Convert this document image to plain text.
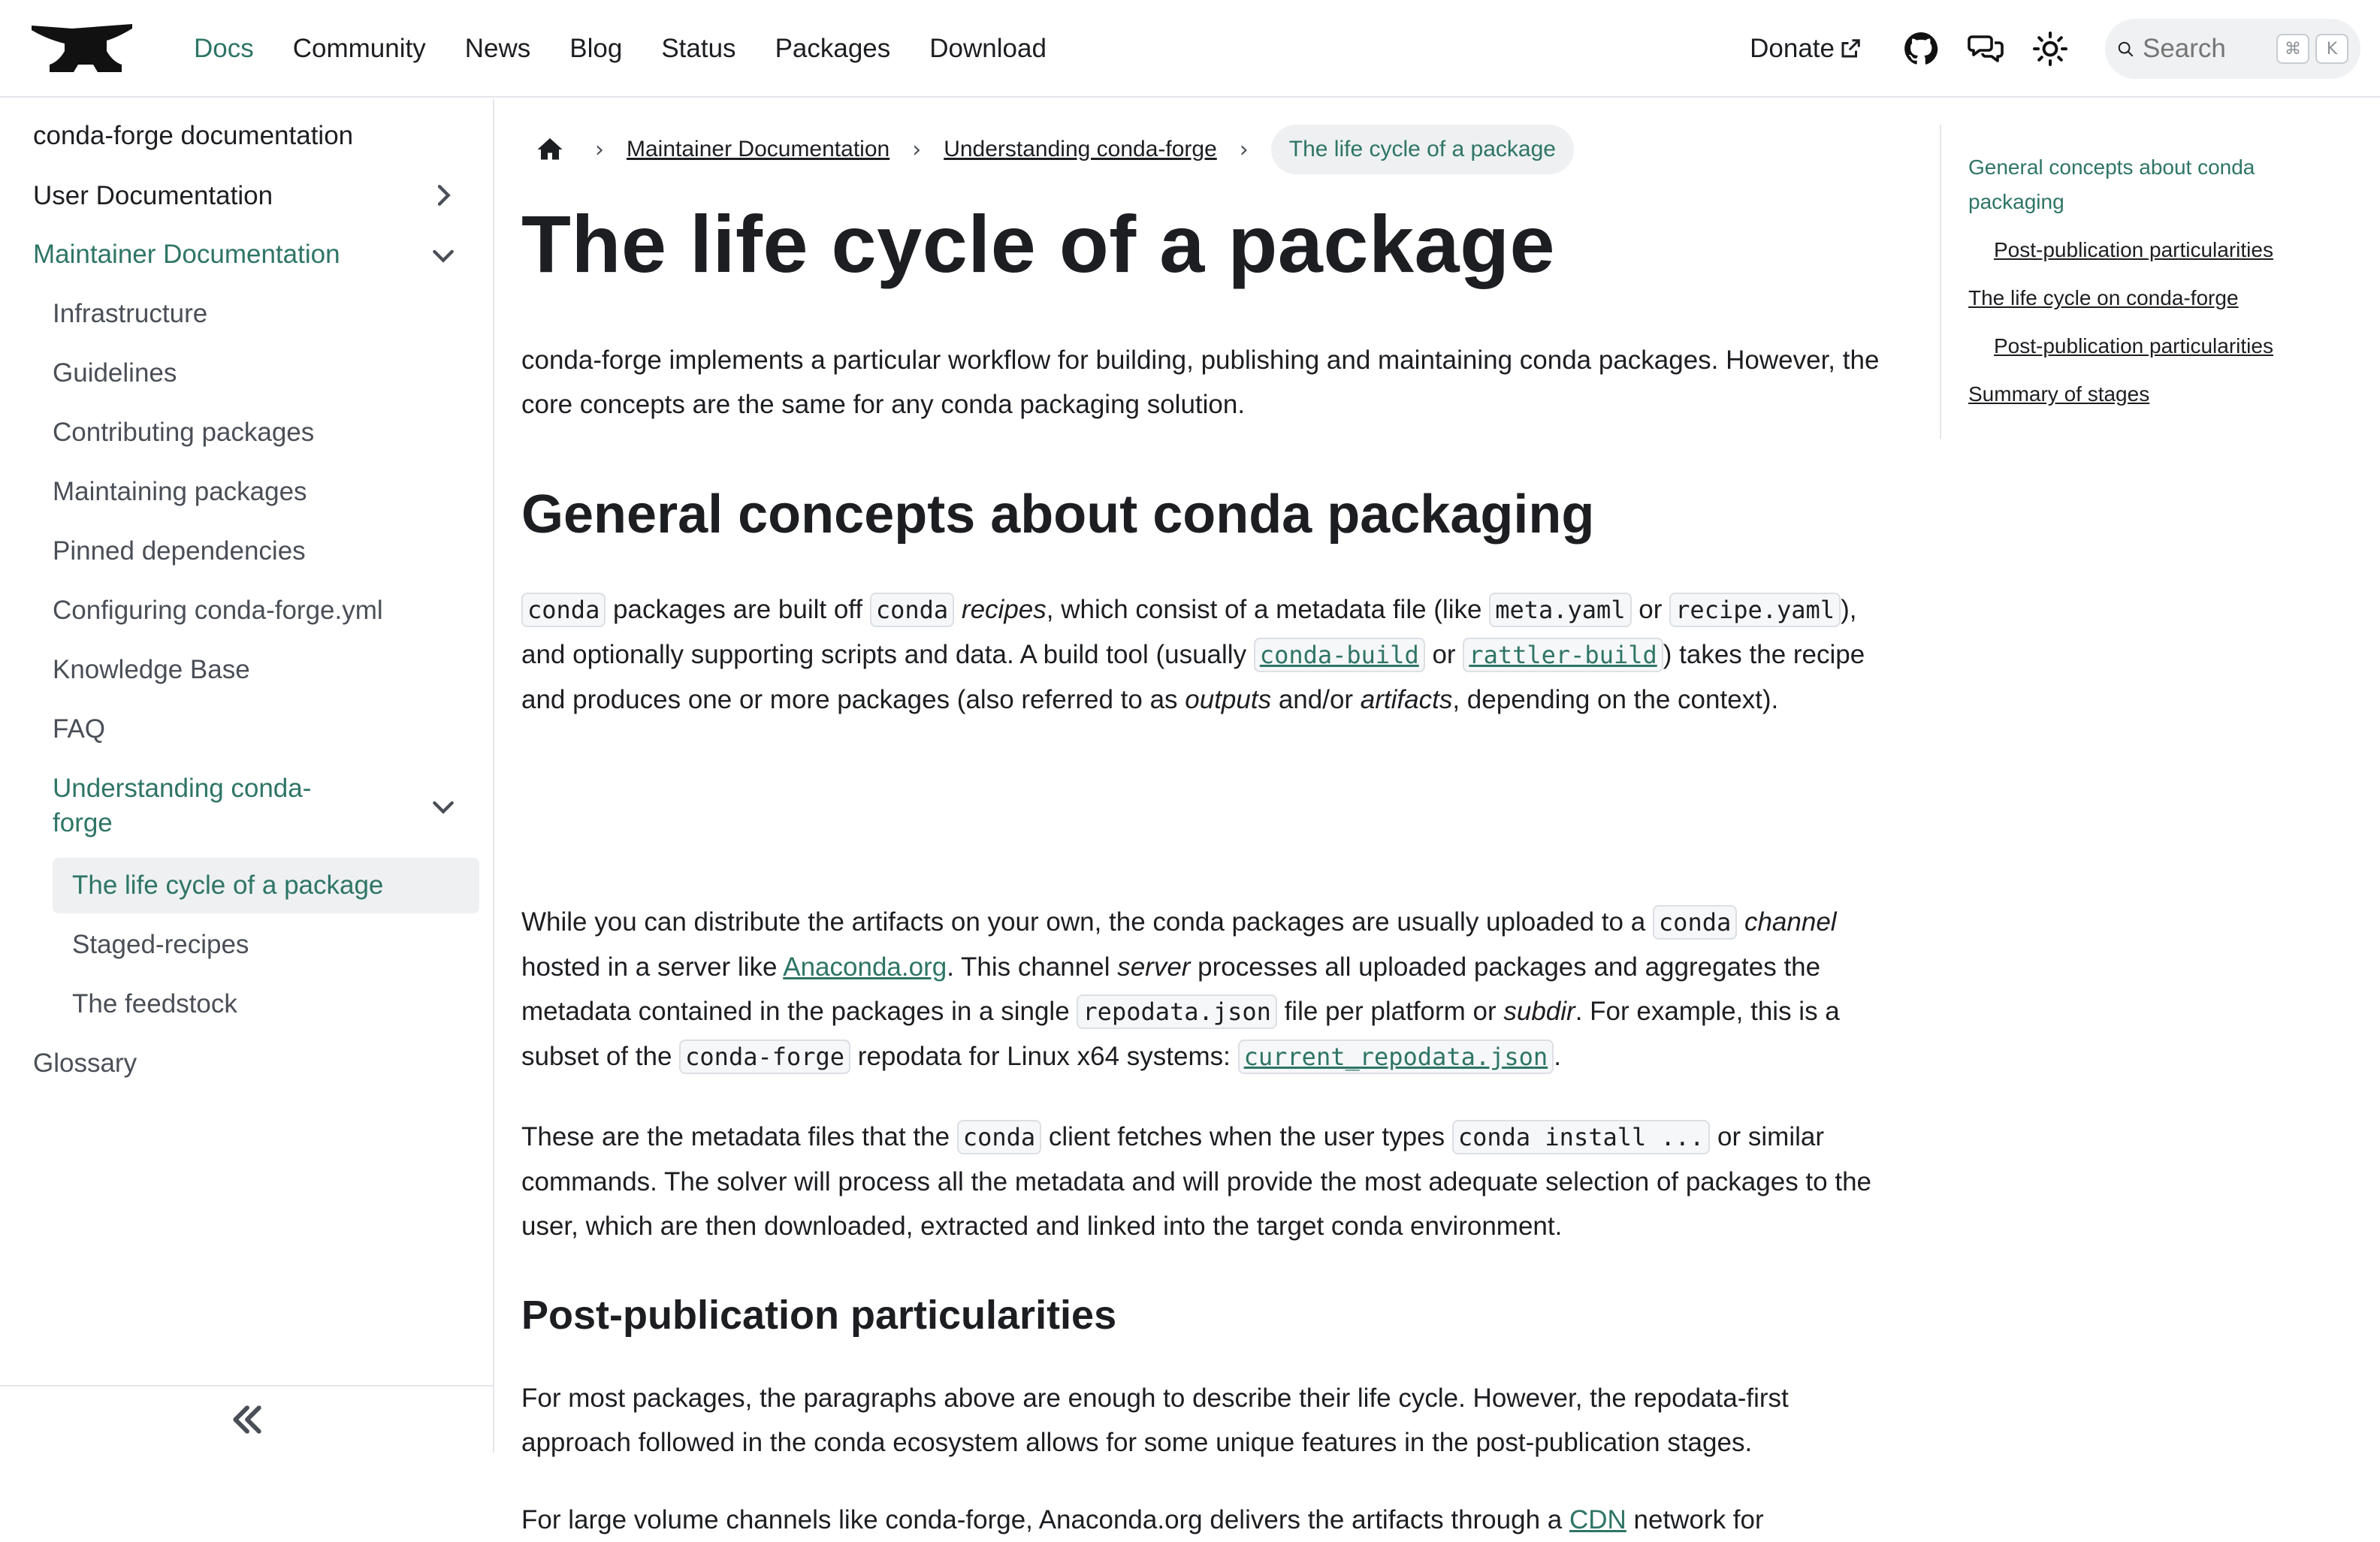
Docs Community News Blog Status Packages Download	Donate
Search	⌘	K
conda-forge documentation
User Documentation
Maintainer Documentation
Infrastructure
Guidelines
Contributing packages
Maintaining packages
Pinned dependencies
Configuring conda-forge.yml
Knowledge Base
FAQ
Understanding conda-
forge
The life cycle of a package
Staged-recipes
The feedstock
Glossary
› Maintainer Documentation › Understanding conda-forge ›	The life cycle of a package
The life cycle of a package

conda-forge implements a particular workflow for building, publishing and maintaining conda packages. However, the core concepts are the same for any conda packaging solution.

General concepts about conda packaging

conda packages are built off conda recipes, which consist of a metadata file (like meta.yaml or recipe.yaml ), and optionally supporting scripts and data. A build tool (usually conda-build or rattler-build ) takes the recipe and produces one or more packages (also referred to as outputs and/or artifacts, depending on the context).

While you can distribute the artifacts on your own, the conda packages are usually uploaded to a conda channel hosted in a server like Anaconda.org. This channel server processes all uploaded packages and aggregates the metadata contained in the packages in a single repodata.json file per platform or subdir. For example, this is a subset of the conda-forge repodata for Linux x64 systems: current_repodata.json .

These are the metadata files that the conda client fetches when the user types conda install ... or similar commands. The solver will process all the metadata and will provide the most adequate selection of packages to the user, which are then downloaded, extracted and linked into the target conda environment.

Post-publication particularities

For most packages, the paragraphs above are enough to describe their life cycle. However, the repodata-first approach followed in the conda ecosystem allows for some unique features in the post-publication stages.

For large volume channels like conda-forge, Anaconda.org delivers the artifacts through a CDN network for

General concepts about conda
packaging
Post-publication particularities
The life cycle on conda-forge
Post-publication particularities
Summary of stages
